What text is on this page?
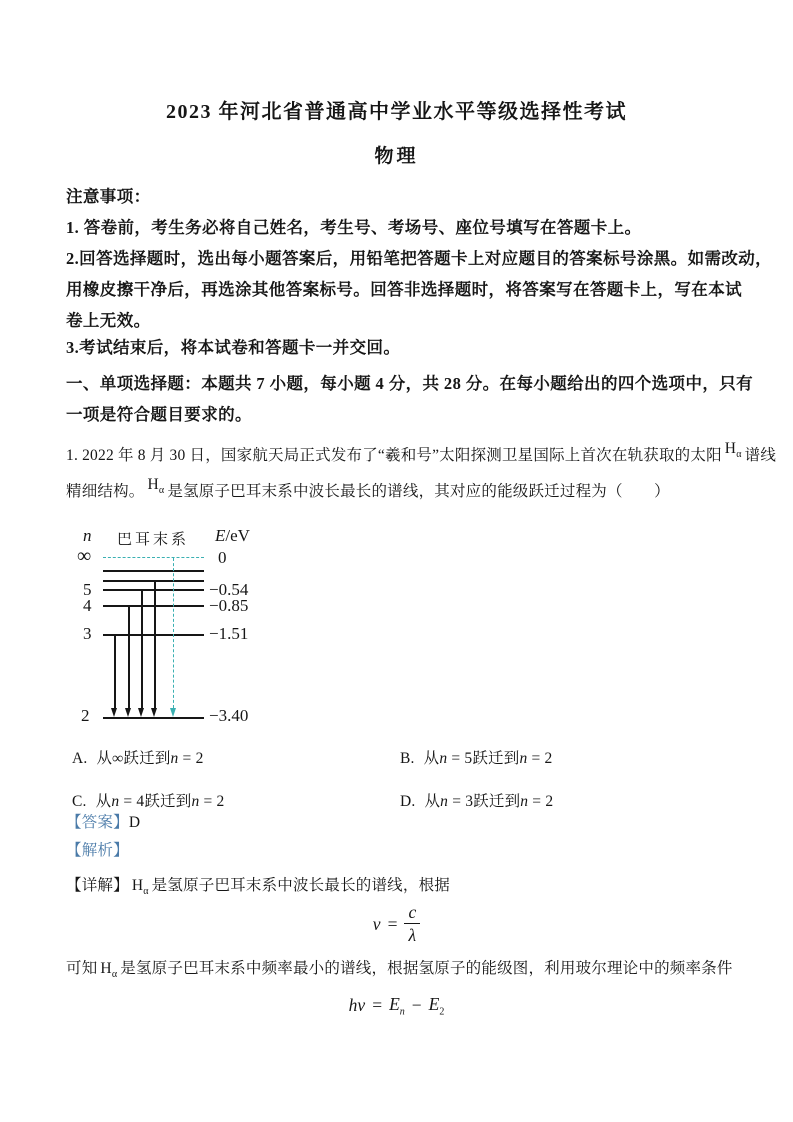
2023 年河北省普通高中学业水平等级选择性考试
物理
注意事项：
1. 答卷前，考生务必将自己姓名，考生号、考场号、座位号填写在答题卡上。
2.回答选择题时，选出每小题答案后，用铅笔把答题卡上对应题目的答案标号涂黑。如需改动，
用橡皮擦干净后，再选涂其他答案标号。回答非选择题时，将答案写在答题卡上，写在本试
卷上无效。
3.考试结束后，将本试卷和答题卡一并交回。
一、单项选择题：本题共 7 小题，每小题 4 分，共 28 分。在每小题给出的四个选项中，只有
一项是符合题目要求的。
1. 2022 年 8 月 30 日，国家航天局正式发布了“羲和号”太阳探测卫星国际上首次在轨获取的太阳 $H_\alpha$ 谱线
精细结构。 $H_\alpha$ 是氢原子巴耳末系中波长最长的谱线，其对应的能级跃迁过程为（　　）
n 巴耳末系 E/eV
∞
5
4
3
2
0
−0.54
−0.85
−1.51
−3.40
A. 从∞跃迁到n = 2	B. 从n = 5跃迁到n = 2
C. 从n = 4跃迁到n = 2	D. 从n = 3跃迁到n = 2
【答案】D
【解析】
【详解】 $H_\alpha$ 是氢原子巴耳末系中波长最长的谱线，根据
$\nu = \frac{c}{\lambda}$
可知 $H_\alpha$ 是氢原子巴耳末系中频率最小的谱线，根据氢原子的能级图，利用玻尔理论中的频率条件
$h\nu = E_n - E_2$
